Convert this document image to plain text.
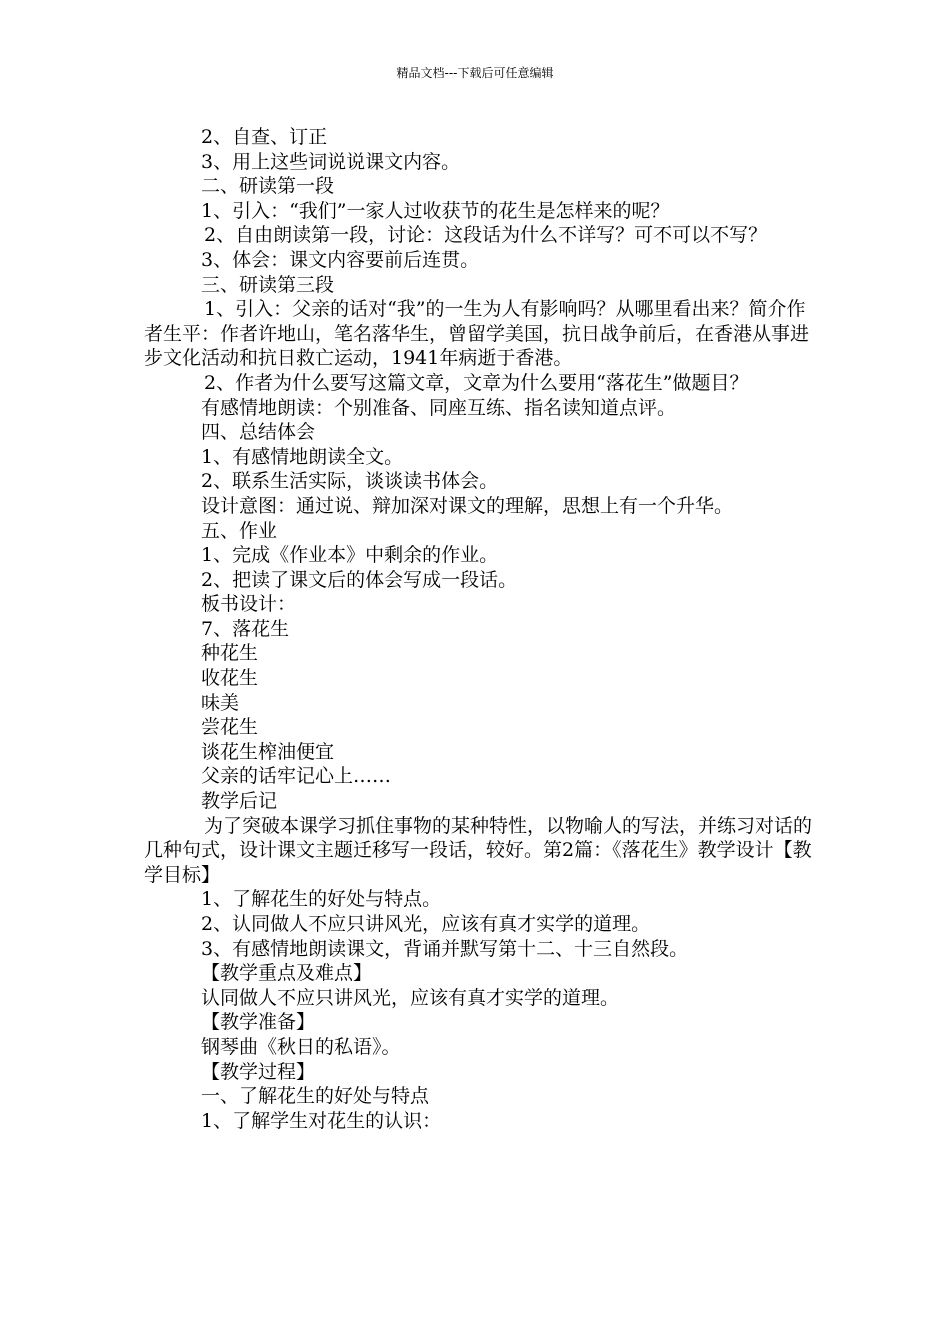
精品文档---下载后可任意编辑
2、自查、订正
3、用上这些词说说课文内容。
二、研读第一段
1、引入：“我们”一家人过收获节的花生是怎样来的呢？
2、自由朗读第一段，讨论：这段话为什么不详写？可不可以不写？
3、体会：课文内容要前后连贯。
三、研读第三段
1、引入：父亲的话对“我”的一生为人有影响吗？从哪里看出来？简介作者生平：作者许地山，笔名落华生，曾留学美国，抗日战争前后，在香港从事进步文化活动和抗日救亡运动，1941年病逝于香港。
2、作者为什么要写这篇文章，文章为什么要用“落花生”做题目？
有感情地朗读：个别准备、同座互练、指名读知道点评。
四、总结体会
1、有感情地朗读全文。
2、联系生活实际，谈谈读书体会。
设计意图：通过说、辩加深对课文的理解，思想上有一个升华。
五、作业
1、完成《作业本》中剩余的作业。
2、把读了课文后的体会写成一段话。
板书设计：
7、落花生
种花生
收花生
味美
尝花生
谈花生榨油便宜
父亲的话牢记心上……
教学后记
为了突破本课学习抓住事物的某种特性，以物喻人的写法，并练习对话的几种句式，设计课文主题迁移写一段话，较好。第2篇：《落花生》教学设计【教学目标】
1、了解花生的好处与特点。
2、认同做人不应只讲风光，应该有真才实学的道理。
3、有感情地朗读课文，背诵并默写第十二、十三自然段。
【教学重点及难点】
认同做人不应只讲风光，应该有真才实学的道理。
【教学准备】
钢琴曲《秋日的私语》。
【教学过程】
一、了解花生的好处与特点
1、了解学生对花生的认识：
